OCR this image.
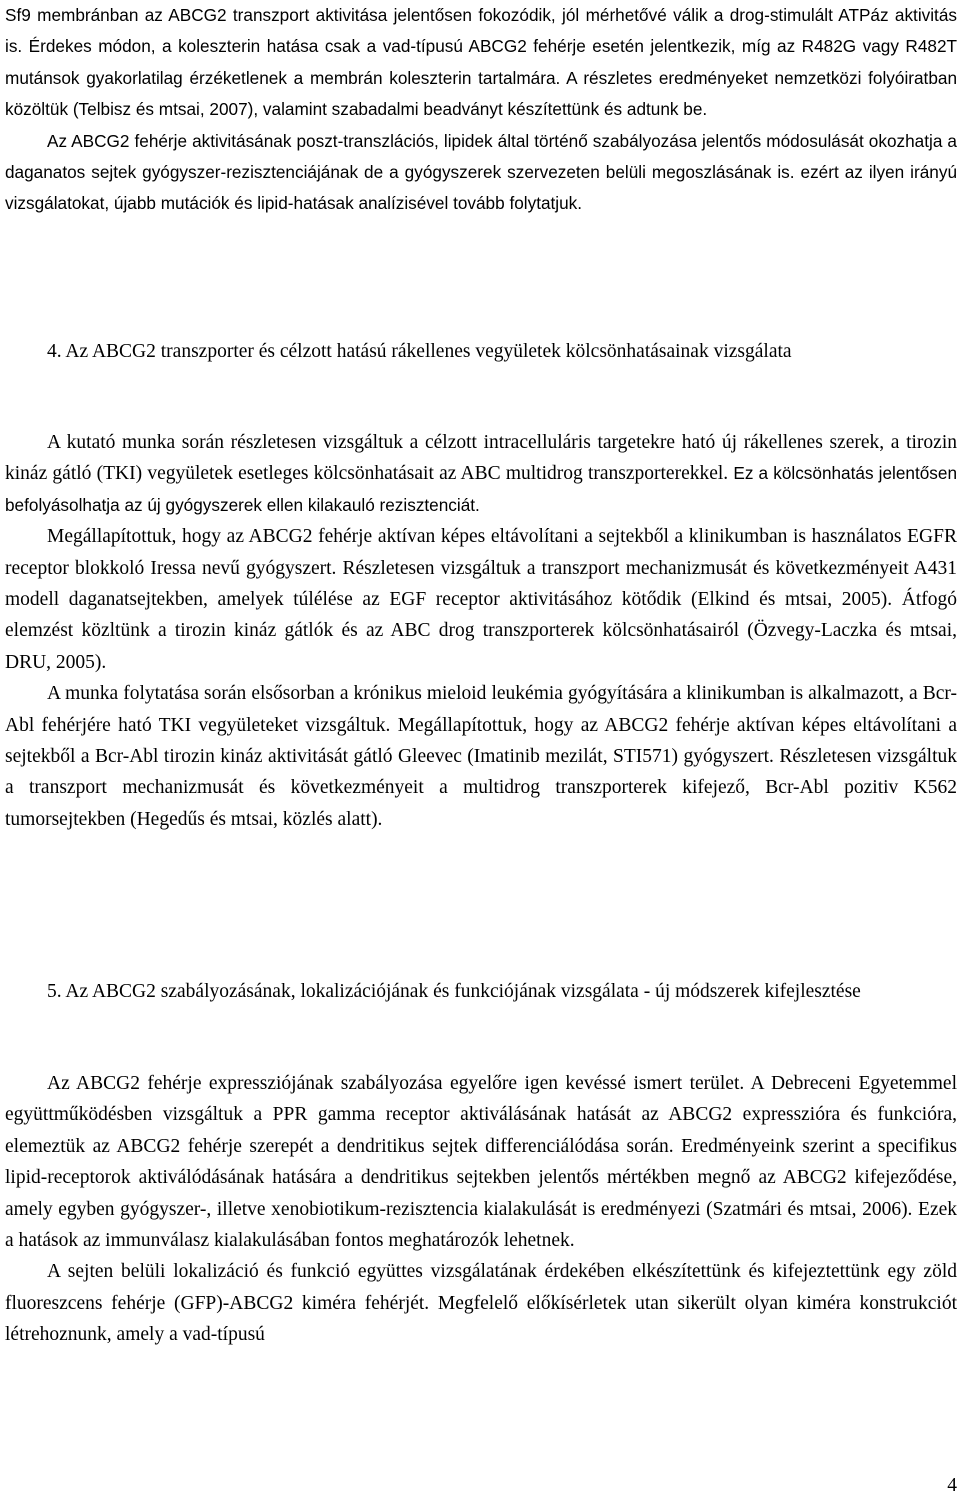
Sf9 membránban az ABCG2 transzport aktivitása jelentősen fokozódik, jól mérhetővé válik a drog-stimulált ATPáz aktivitás is. Érdekes módon, a koleszterin hatása csak a vad-típusú ABCG2 fehérje esetén jelentkezik, míg az R482G vagy R482T mutánsok gyakorlatilag érzéketlenek a membrán koleszterin tartalmára. A részletes eredményeket nemzetközi folyóiratban közöltük (Telbisz és mtsai, 2007), valamint szabadalmi beadványt készítettünk és adtunk be.

Az ABCG2 fehérje aktivitásának poszt-transzlációs, lipidek által történő szabályozása jelentős módosulását okozhatja a daganatos sejtek gyógyszer-rezisztenciájának de a gyógyszerek szervezeten belüli megoszlásának is. ezért az ilyen irányú vizsgálatokat, újabb mutációk és lipid-hatásak analízisével tovább folytatjuk.

4. Az ABCG2 transzporter és célzott hatású rákellenes vegyületek kölcsönhatásainak vizsgálata

A kutató munka során részletesen vizsgáltuk a célzott intracelluláris targetekre ható új rákellenes szerek, a tirozin kináz gátló (TKI) vegyületek esetleges kölcsönhatásait az ABC multidrog transzporterekkel. Ez a kölcsönhatás jelentősen befolyásolhatja az új gyógyszerek ellen kilakauló rezisztenciát.

Megállapítottuk, hogy az ABCG2 fehérje aktívan képes eltávolítani a sejtekből a klinikumban is használatos EGFR receptor blokkoló Iressa nevű gyógyszert. Részletesen vizsgáltuk a transzport mechanizmusát és következményeit A431 modell daganatsejtekben, amelyek túlélése az EGF receptor aktivitásához kötődik (Elkind és mtsai, 2005). Átfogó elemzést közltünk a tirozin kináz gátlók és az ABC drog transzporterek kölcsönhatásairól (Özvegy-Laczka és mtsai, DRU, 2005).

A munka folytatása során elsősorban a krónikus mieloid leukémia gyógyítására a klinikumban is alkalmazott, a Bcr-Abl fehérjére ható TKI vegyületeket vizsgáltuk. Megállapítottuk, hogy az ABCG2 fehérje aktívan képes eltávolítani a sejtekből a Bcr-Abl tirozin kináz aktivitását gátló Gleevec (Imatinib mezilát, STI571) gyógyszert. Részletesen vizsgáltuk a transzport mechanizmusát és következményeit a multidrog transzporterek kifejező, Bcr-Abl pozitiv K562 tumorsejtekben (Hegedűs és mtsai, közlés alatt).

5. Az ABCG2 szabályozásának, lokalizációjának és funkciójának vizsgálata - új módszerek kifejlesztése

Az ABCG2 fehérje expressziójának szabályozása egyelőre igen kevéssé ismert terület. A Debreceni Egyetemmel együttműködésben vizsgáltuk a PPR gamma receptor aktiválásának hatását az ABCG2 expresszióra és funkcióra, elemeztük az ABCG2 fehérje szerepét a dendritikus sejtek differenciálódása során. Eredményeink szerint a specifikus lipid-receptorok aktiválódásának hatására a dendritikus sejtekben jelentős mértékben megnő az ABCG2 kifejeződése, amely egyben gyógyszer-, illetve xenobiotikum-rezisztencia kialakulását is eredményezi (Szatmári és mtsai, 2006). Ezek a hatások az immunválasz kialakulásában fontos meghatározók lehetnek.

A sejten belüli lokalizáció és funkció együttes vizsgálatának érdekében elkészítettünk és kifejeztettünk egy zöld fluoreszcens fehérje (GFP)-ABCG2 kiméra fehérjét. Megfelelő előkísérletek utan sikerült olyan kiméra konstrukciót létrehoznunk, amely a vad-típusú

4
